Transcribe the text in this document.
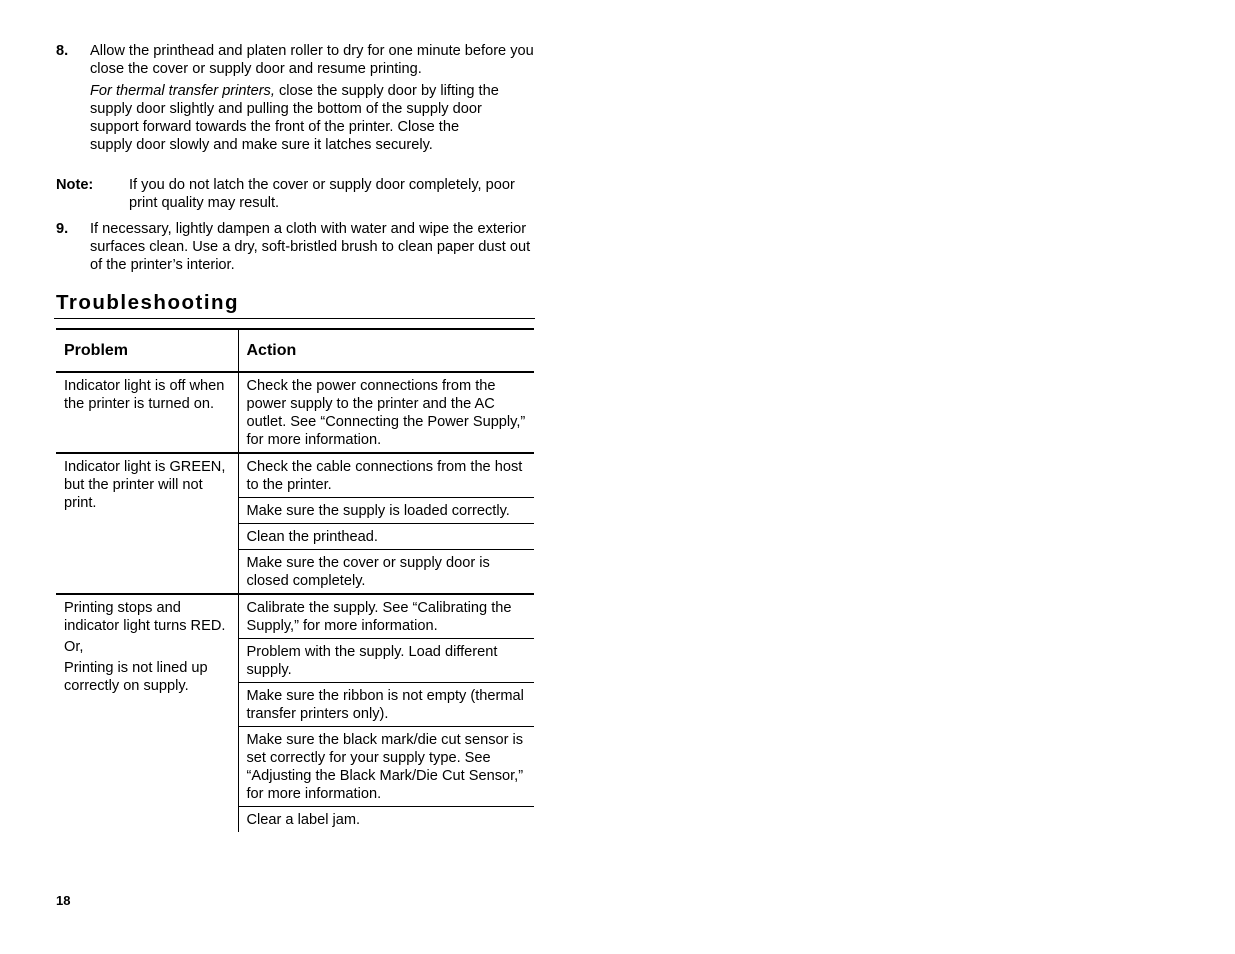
8. Allow the printhead and platen roller to dry for one minute before you close the cover or supply door and resume printing.

For thermal transfer printers, close the supply door by lifting the supply door slightly and pulling the bottom of the supply door support forward towards the front of the printer. Close the supply door slowly and make sure it latches securely.

Note: If you do not latch the cover or supply door completely, poor print quality may result.
9. If necessary, lightly dampen a cloth with water and wipe the exterior surfaces clean. Use a dry, soft-bristled brush to clean paper dust out of the printer’s interior.

Troubleshooting
Problem	Action

Indicator light is off when the printer is turned on.	Check the power connections from the power supply to the printer and the AC outlet. See “Connecting the Power Supply,” for more information.

Indicator light is GREEN, but the printer will not print.	Check the cable connections from the host to the printer.
	Make sure the supply is loaded correctly.
	Clean the printhead.
	Make sure the cover or supply door is closed completely.

Printing stops and indicator light turns RED.

Or,

Printing is not lined up correctly on supply.	Calibrate the supply. See “Calibrating the Supply,” for more information.
	Problem with the supply. Load different supply.
	Make sure the ribbon is not empty (thermal transfer printers only).
	Make sure the black mark/die cut sensor is set correctly for your supply type. See “Adjusting the Black Mark/Die Cut Sensor,” for more information.
	Clear a label jam.
18
